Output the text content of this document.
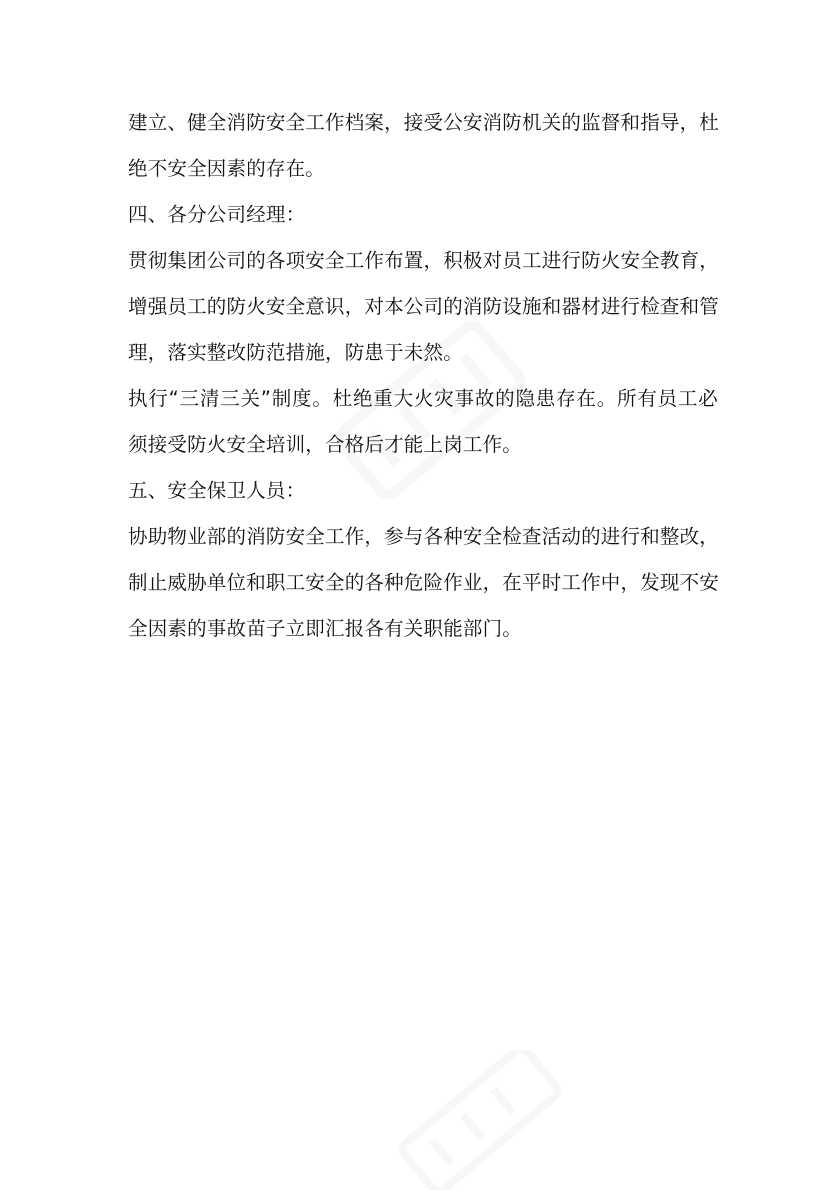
建立、健全消防安全工作档案，接受公安消防机关的监督和指导，杜
绝不安全因素的存在。
四、各分公司经理：
贯彻集团公司的各项安全工作布置，积极对员工进行防火安全教育，
增强员工的防火安全意识，对本公司的消防设施和器材进行检查和管
理，落实整改防范措施，防患于未然。
执行“三清三关”制度。杜绝重大火灾事故的隐患存在。所有员工必
须接受防火安全培训，合格后才能上岗工作。
五、安全保卫人员：
协助物业部的消防安全工作，参与各种安全检查活动的进行和整改，
制止威胁单位和职工安全的各种危险作业，在平时工作中，发现不安
全因素的事故苗子立即汇报各有关职能部门。
